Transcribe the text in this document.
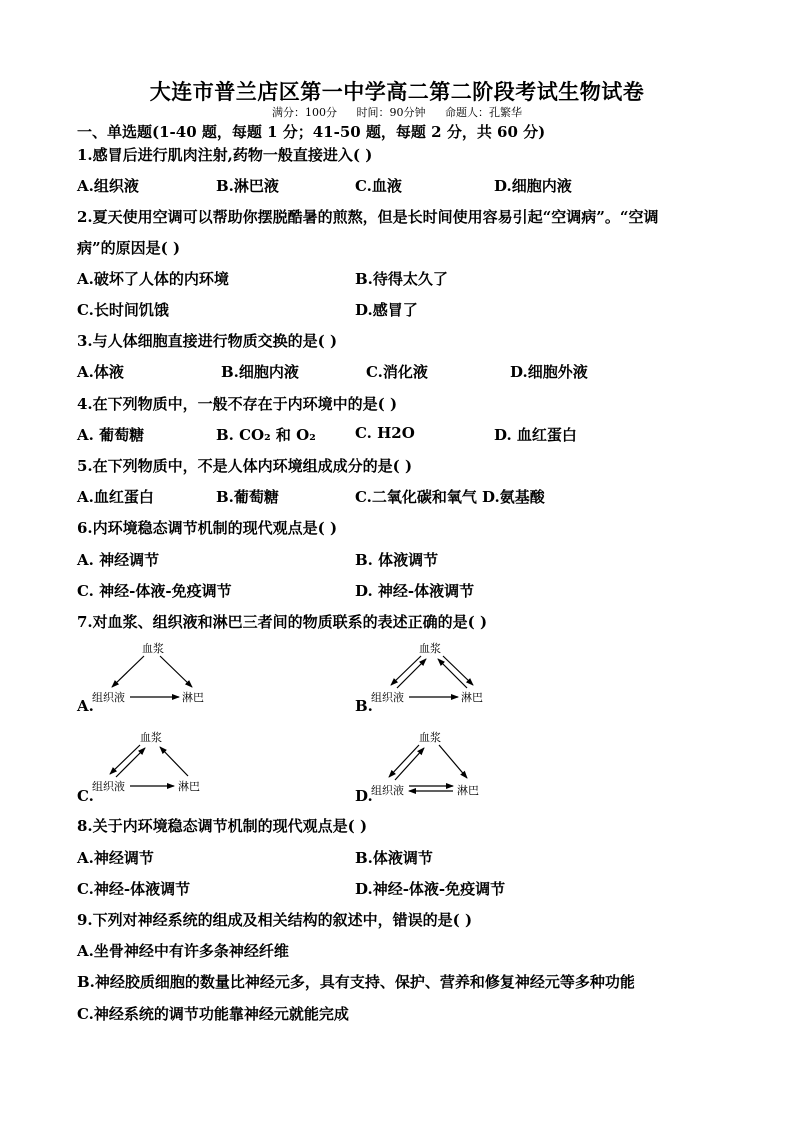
大连市普兰店区第一中学高二第二阶段考试生物试卷
满分：100分 时间：90分钟 命题人：孔繁华
一、单选题(1-40 题，每题 1 分；41-50 题，每题 2 分，共 60 分)
1.感冒后进行肌肉注射,药物一般直接进入( )
A.组织液	B.淋巴液	C.血液	D.细胞内液
2.夏天使用空调可以帮助你摆脱酷暑的煎熬，但是长时间使用容易引起“空调病”。“空调
病”的原因是( )
A.破坏了人体的内环境	B.待得太久了
C.长时间饥饿	D.感冒了
3.与人体细胞直接进行物质交换的是( )
A.体液	B.细胞内液	C.消化液	D.细胞外液
4.在下列物质中，一般不存在于内环境中的是( )
A. 葡萄糖	B. CO₂ 和 O₂	C. H2O	D. 血红蛋白
5.在下列物质中，不是人体内环境组成成分的是( )
A.血红蛋白	B.葡萄糖	C.二氧化碳和氧气 D.氨基酸
6.内环境稳态调节机制的现代观点是( )
A. 神经调节	B. 体液调节
C. 神经-体液-免疫调节	D. 神经-体液调节
7.对血浆、组织液和淋巴三者间的物质联系的表述正确的是( )
A.
血浆
组织液	淋巴	B.
血浆
组织液	淋巴
C.
血浆
组织液	淋巴
D.
血浆
组织液	淋巴
8.关于内环境稳态调节机制的现代观点是( )
A.神经调节	B.体液调节
C.神经-体液调节	D.神经-体液-免疫调节
9.下列对神经系统的组成及相关结构的叙述中，错误的是( )
A.坐骨神经中有许多条神经纤维
B.神经胶质细胞的数量比神经元多，具有支持、保护、营养和修复神经元等多种功能
C.神经系统的调节功能靠神经元就能完成
